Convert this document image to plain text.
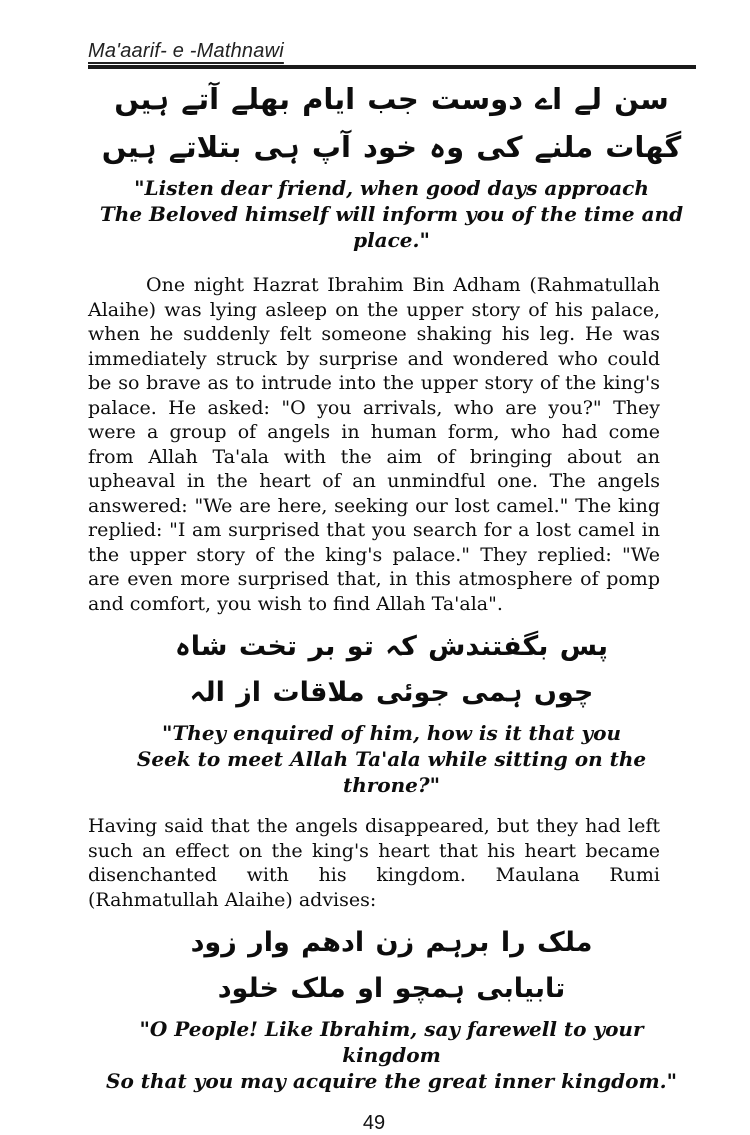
Ma'aarif- e -Mathnawi
سن لے اے دوست جب ایام بھلے آتے ہیں
گھات ملنے کی وہ خود آپ ہی بتلاتے ہیں
"Listen dear friend, when good days approach
The Beloved himself will inform you of the time and place."

One night Hazrat Ibrahim Bin Adham (Rahmatullah Alaihe) was lying asleep on the upper story of his palace, when he suddenly felt someone shaking his leg. He was immediately struck by surprise and wondered who could be so brave as to intrude into the upper story of the king's palace. He asked: "O you arrivals, who are you?" They were a group of angels in human form, who had come from Allah Ta'ala with the aim of bringing about an upheaval in the heart of an unmindful one. The angels answered: "We are here, seeking our lost camel." The king replied: "I am surprised that you search for a lost camel in the upper story of the king's palace." They replied: "We are even more surprised that, in this atmosphere of pomp and comfort, you wish to find Allah Ta'ala".

پس بگفتندش کہ تو بر تخت شاہ
چوں ہمی جوئی ملاقات از الہ
"They enquired of him, how is it that you
Seek to meet Allah Ta'ala while sitting on the throne?"

Having said that the angels disappeared, but they had left such an effect on the king's heart that his heart became disenchanted with his kingdom. Maulana Rumi (Rahmatullah Alaihe) advises:

ملک را برہم زن ادھم وار زود
تابیابی ہمچو او ملک خلود
"O People! Like Ibrahim, say farewell to your kingdom
So that you may acquire the great inner kingdom."
49
